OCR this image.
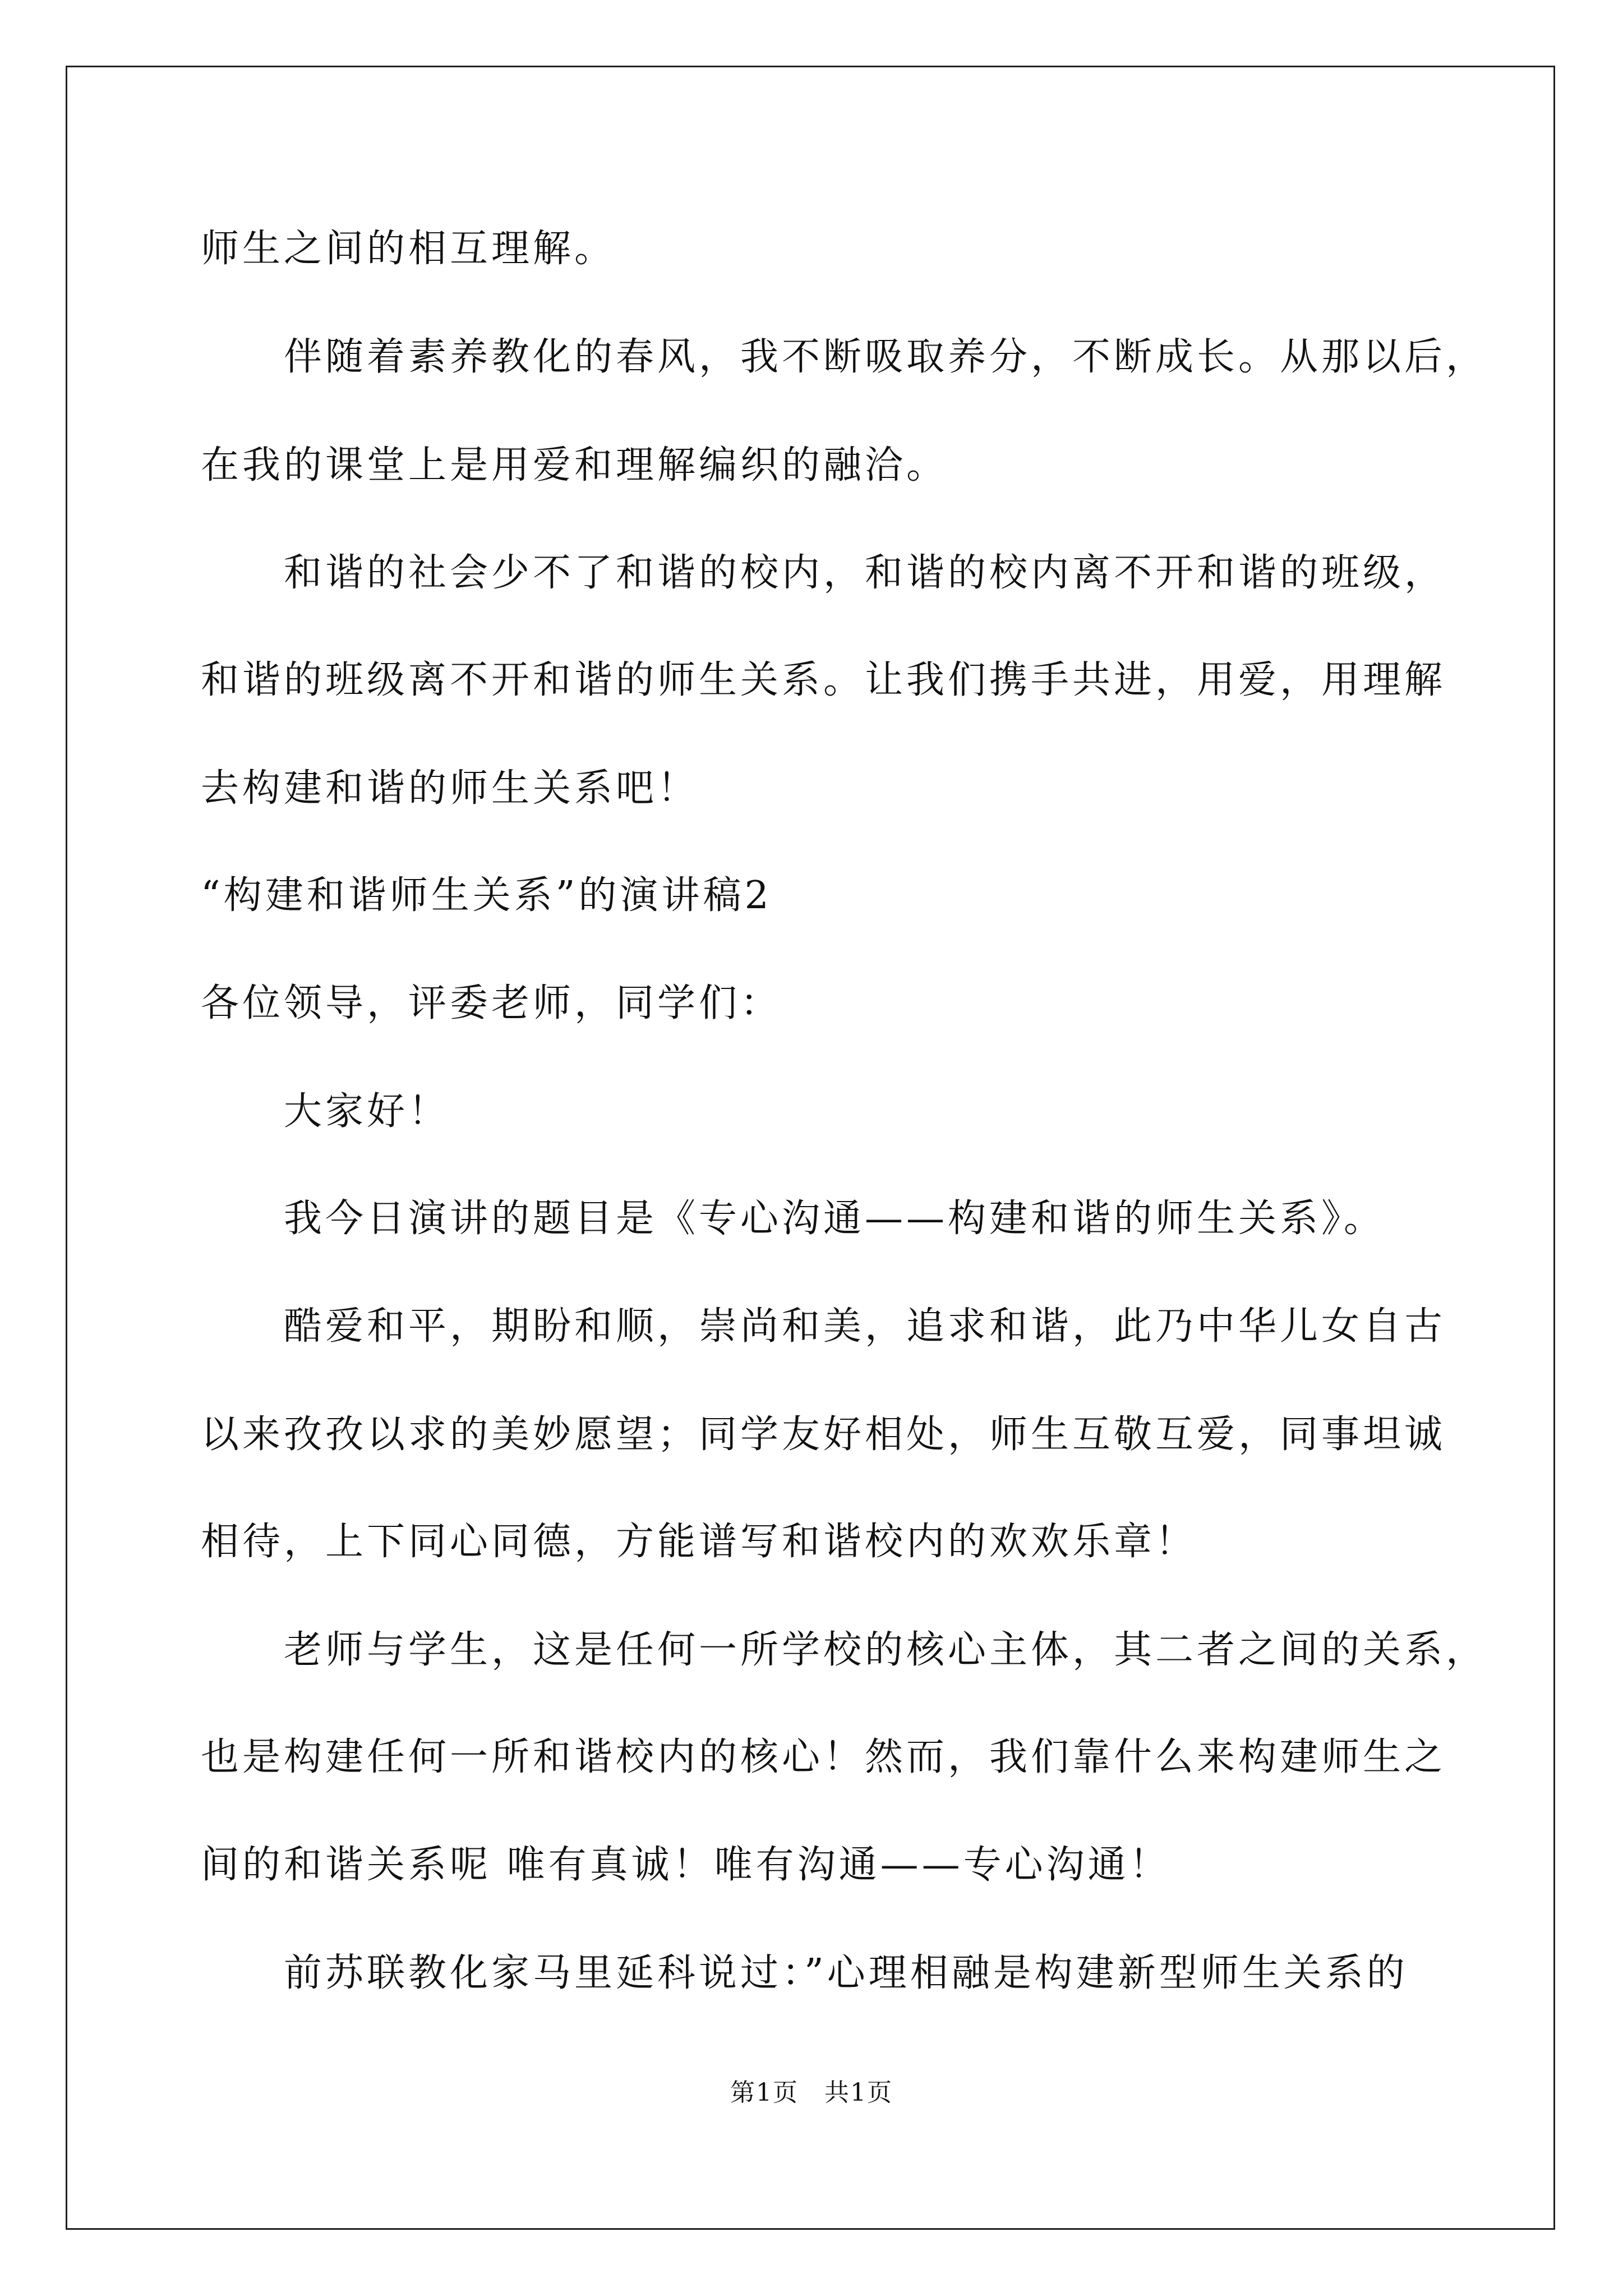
师生之间的相互理解。
伴随着素养教化的春风，我不断吸取养分，不断成长。从那以后，
在我的课堂上是用爱和理解编织的融洽。
和谐的社会少不了和谐的校内，和谐的校内离不开和谐的班级，
和谐的班级离不开和谐的师生关系。让我们携手共进，用爱，用理解
去构建和谐的师生关系吧！
“构建和谐师生关系”的演讲稿2
各位领导，评委老师，同学们：
大家好！
我今日演讲的题目是《专心沟通——构建和谐的师生关系》。
酷爱和平，期盼和顺，崇尚和美，追求和谐，此乃中华儿女自古
以来孜孜以求的美妙愿望；同学友好相处，师生互敬互爱，同事坦诚
相待，上下同心同德，方能谱写和谐校内的欢欢乐章！
老师与学生，这是任何一所学校的核心主体，其二者之间的关系，
也是构建任何一所和谐校内的核心！然而，我们靠什么来构建师生之
间的和谐关系呢 唯有真诚！唯有沟通——专心沟通！
前苏联教化家马里延科说过：”心理相融是构建新型师生关系的
第1页　共1页
